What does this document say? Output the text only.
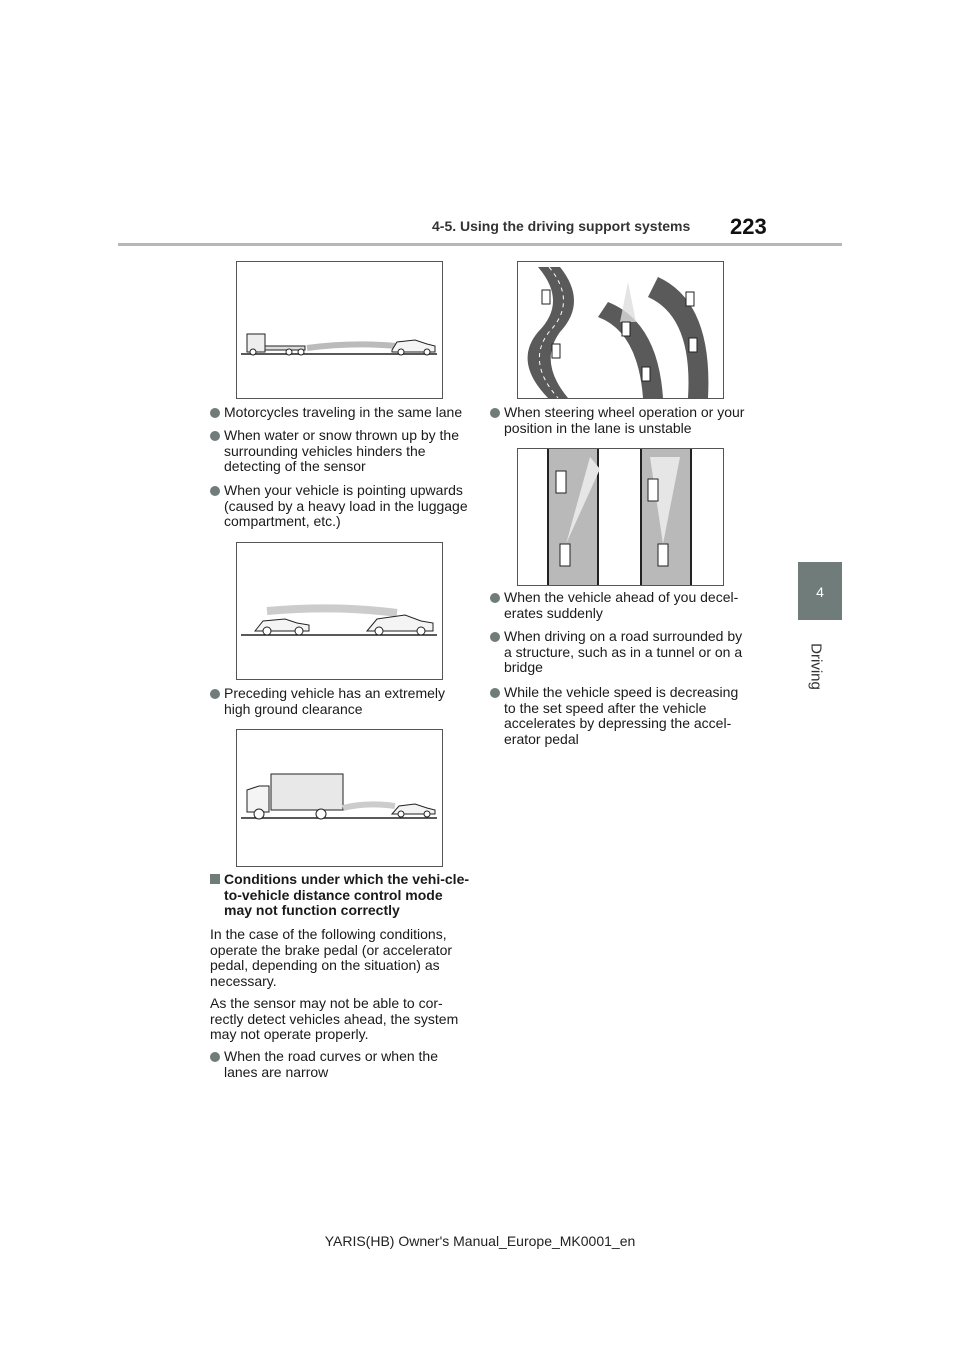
4-5. Using the driving support systems 223
4
Driving
Motorcycles traveling in the same lane
When water or snow thrown up by the surrounding vehicles hinders the detecting of the sensor
When your vehicle is pointing upwards (caused by a heavy load in the luggage compartment, etc.)
When steering wheel operation or your position in the lane is unstable
When the vehicle ahead of you decel-erates suddenly
When driving on a road surrounded by a structure, such as in a tunnel or on a bridge
While the vehicle speed is decreasing to the set speed after the vehicle accelerates by depressing the accel-erator pedal
Preceding vehicle has an extremely high ground clearance
Conditions under which the vehi-cle-to-vehicle distance control mode may not function correctly
In the case of the following conditions, operate the brake pedal (or accelerator pedal, depending on the situation) as necessary.
As the sensor may not be able to cor-rectly detect vehicles ahead, the system may not operate properly.
When the road curves or when the lanes are narrow
YARIS(HB) Owner's Manual_Europe_MK0001_en
